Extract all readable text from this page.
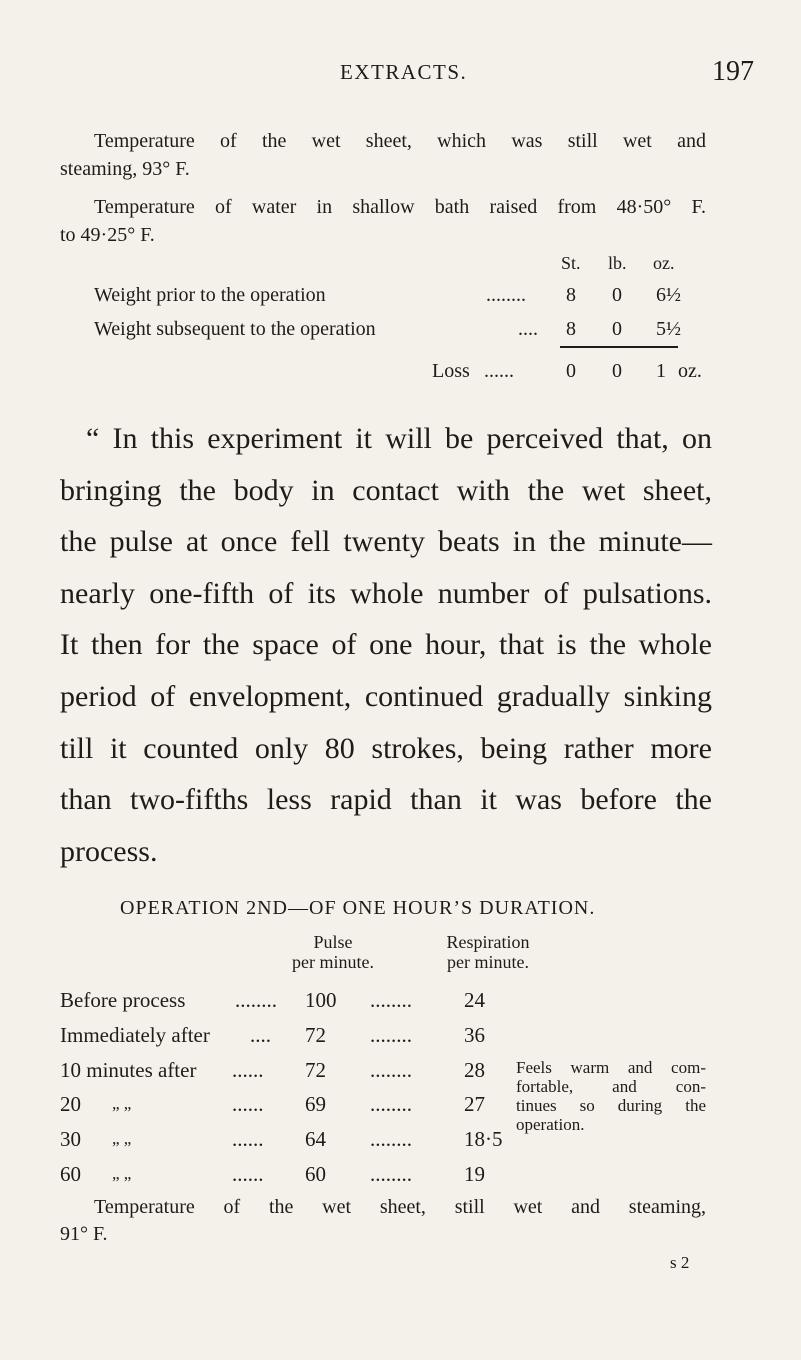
EXTRACTS.	197
Temperature of the wet sheet, which was still wet and
steaming, 93° F.
Temperature of water in shallow bath raised from 48·50° F.
to 49·25° F.
St. lb. oz.
Weight prior to the operation	........ 8 0 6½
Weight subsequent to the operation	.... 8 0 5½
Loss ......	0 0 1 oz.
“ In this experiment it will be perceived that, on
bringing the body in contact with the wet sheet,
the pulse at once fell twenty beats in the minute—
nearly one-fifth of its whole number of pulsations.
It then for the space of one hour, that is the whole
period of envelopment, continued gradually sinking
till it counted only 80 strokes, being rather more
than two-fifths less rapid than it was before the
process.
OPERATION 2ND—OF ONE HOUR’S DURATION.
Pulse
per minute.
Respiration
per minute.
Before process ........ 100 ........ 24
Immediately after .... 72 ........ 36
10 minutes after ...... 72 ........ 28
20 „ „	...... 69 ........ 27
30 „ „	...... 64 ........ 18·5
60 „ „	...... 60 ........ 19
Feels warm and com-
fortable, and con-
tinues so during the
operation.
Temperature of the wet sheet, still wet and steaming,
91° F.
s 2
